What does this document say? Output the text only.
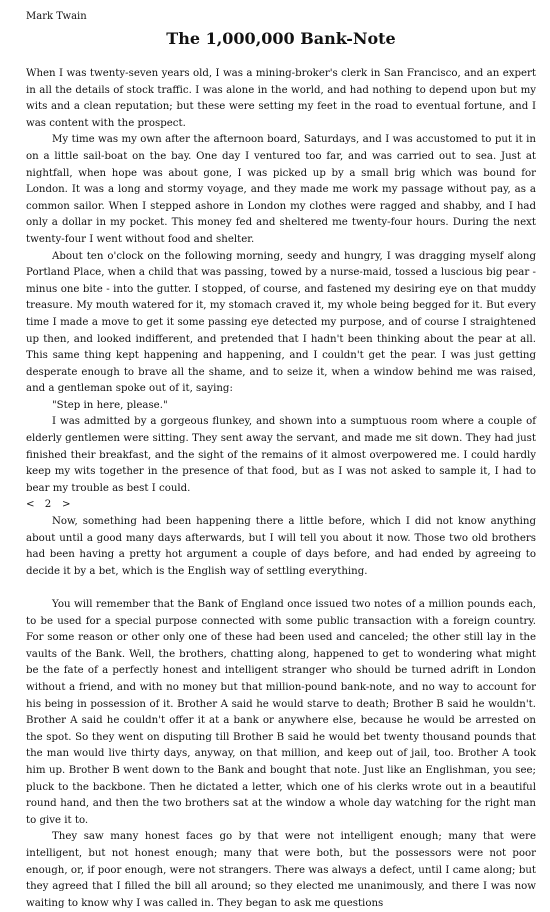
Mark Twain

The 1,000,000 Bank-Note

When I was twenty-seven years old, I was a mining-broker's clerk in San Francisco, and an expert in all the details of stock traffic. I was alone in the world, and had nothing to depend upon but my wits and a clean reputation; but these were setting my feet in the road to eventual fortune, and I was content with the prospect.

My time was my own after the afternoon board, Saturdays, and I was accustomed to put it in on a little sail-boat on the bay. One day I ventured too far, and was carried out to sea. Just at nightfall, when hope was about gone, I was picked up by a small brig which was bound for London. It was a long and stormy voyage, and they made me work my passage without pay, as a common sailor. When I stepped ashore in London my clothes were ragged and shabby, and I had only a dollar in my pocket. This money fed and sheltered me twenty-four hours. During the next twenty-four I went without food and shelter.

About ten o'clock on the following morning, seedy and hungry, I was dragging myself along Portland Place, when a child that was passing, towed by a nurse-maid, tossed a luscious big pear - minus one bite - into the gutter. I stopped, of course, and fastened my desiring eye on that muddy treasure. My mouth watered for it, my stomach craved it, my whole being begged for it. But every time I made a move to get it some passing eye detected my purpose, and of course I straightened up then, and looked indifferent, and pretended that I hadn't been thinking about the pear at all. This same thing kept happening and happening, and I couldn't get the pear. I was just getting desperate enough to brave all the shame, and to seize it, when a window behind me was raised, and a gentleman spoke out of it, saying:

"Step in here, please."

I was admitted by a gorgeous flunkey, and shown into a sumptuous room where a couple of elderly gentlemen were sitting. They sent away the servant, and made me sit down. They had just finished their breakfast, and the sight of the remains of it almost overpowered me. I could hardly keep my wits together in the presence of that food, but as I was not asked to sample it, I had to bear my trouble as best I could.

<	2	>

Now, something had been happening there a little before, which I did not know anything about until a good many days afterwards, but I will tell you about it now. Those two old brothers had been having a pretty hot argument a couple of days before, and had ended by agreeing to decide it by a bet, which is the English way of settling everything.

You will remember that the Bank of England once issued two notes of a million pounds each, to be used for a special purpose connected with some public transaction with a foreign country. For some reason or other only one of these had been used and canceled; the other still lay in the vaults of the Bank. Well, the brothers, chatting along, happened to get to wondering what might be the fate of a perfectly honest and intelligent stranger who should be turned adrift in London without a friend, and with no money but that million-pound bank-note, and no way to account for his being in possession of it. Brother A said he would starve to death; Brother B said he wouldn't. Brother A said he couldn't offer it at a bank or anywhere else, because he would be arrested on the spot. So they went on disputing till Brother B said he would bet twenty thousand pounds that the man would live thirty days, anyway, on that million, and keep out of jail, too. Brother A took him up. Brother B went down to the Bank and bought that note. Just like an Englishman, you see; pluck to the backbone. Then he dictated a letter, which one of his clerks wrote out in a beautiful round hand, and then the two brothers sat at the window a whole day watching for the right man to give it to.

They saw many honest faces go by that were not intelligent enough; many that were intelligent, but not honest enough; many that were both, but the possessors were not poor enough, or, if poor enough, were not strangers. There was always a defect, until I came along; but they agreed that I filled the bill all around; so they elected me unanimously, and there I was now waiting to know why I was called in. They began to ask me questions
